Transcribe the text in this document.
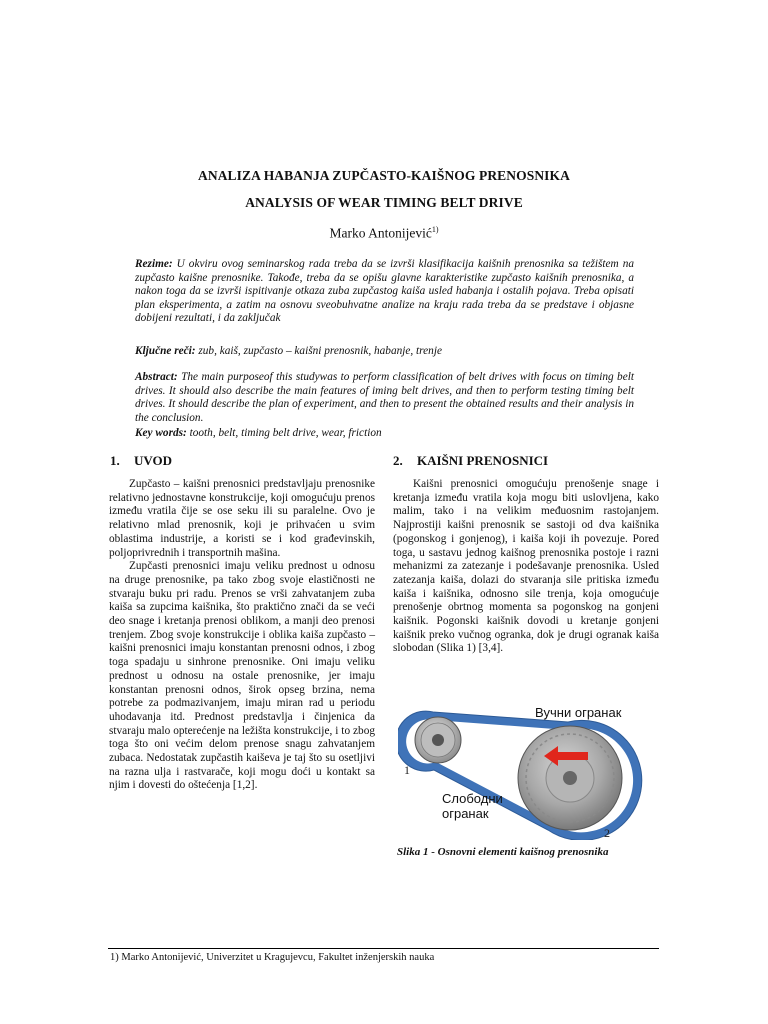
ANALIZA HABANJA ZUPČASTO-KAIŠNOG PRENOSNIKA
ANALYSIS OF WEAR TIMING BELT DRIVE
Marko Antonijević$^{1)}$
Rezime: U okviru ovog seminarskog rada treba da se izvrši klasifikacija kaišnih prenosnika sa težištem na zupčasto kaišne prenosnike. Takođe, treba da se opišu glavne karakteristike zupčasto kaišnih prenosnika, a nakon toga da se izvrši ispitivanje otkaza zuba zupčastog kaiša usled habanja i ostalih pojava. Treba opisati plan eksperimenta, a zatim na osnovu sveobuhvatne analize na kraju rada treba da se predstave i objasne dobijeni rezultati, i da zaključak
Ključne reči: zub, kaiš, zupčasto – kaišni prenosnik, habanje, trenje
Abstract: The main purposeof this studywas to perform classification of belt drives with focus on timing belt drives. It should also describe the main features of iming belt drives, and then to perform testing timing belt drives. It should describe the plan of experiment, and then to present the obtained results and their analysis in the conclusion.
Key words: tooth, belt, timing belt drive, wear, friction
1. UVOD

Zupčasto – kaišni prenosnici predstavljaju prenosnike relativno jednostavne konstrukcije, koji omogućuju prenos između vratila čije se ose seku ili su paralelne. Ovo je relativno mlad prenosnik, koji je prihvaćen u svim oblastima industrije, a koristi se i kod građevinskih, poljoprivrednih i transportnih mašina.

Zupčasti prenosnici imaju veliku prednost u odnosu na druge prenosnike, pa tako zbog svoje elastičnosti ne stvaraju buku pri radu. Prenos se vrši zahvatanjem zuba kaiša sa zupcima kaišnika, što praktično znači da se veći deo snage i kretanja prenosi oblikom, a manji deo prenosi trenjem. Zbog svoje konstrukcije i oblika kaiša zupčasto – kaišni prenosnici imaju konstantan prenosni odnos, i zbog toga spadaju u sinhrone prenosnike. Oni imaju veliku prednost u odnosu na ostale prenosnike, jer imaju konstantan prenosni odnos, širok opseg brzina, nema potrebe za podmazivanjem, imaju miran rad u periodu uhodavanja itd. Prednost predstavlja i činjenica da stvaraju malo opterećenje na ležišta konstrukcije, i to zbog toga što oni većim delom prenose snagu zahvatanjem zubaca. Nedostatak zupčastih kaiševa je taj što su osetljivi na razna ulja i rastvarače, koji mogu doći u kontakt sa njim i dovesti do oštećenja [1,2].

2. KAIŠNI PRENOSNICI

Kaišni prenosnici omogućuju prenošenje snage i kretanja između vratila koja mogu biti uslovljena, kako malim, tako i na velikim međuosnim rastojanjem. Najprostiji kaišni prenosnik se sastoji od dva kaišnika (pogonskog i gonjenog), i kaiša koji ih povezuje. Pored toga, u sastavu jednog kaišnog prenosnika postoje i razni mehanizmi za zatezanje i podešavanje prenosnika. Usled zatezanja kaiša, dolazi do stvaranja sile pritiska između kaiša i kaišnika, odnosno sile trenja, koja omogućuje prenošenje obrtnog momenta sa pogonskog na gonjeni kaišnik. Pogonski kaišnik dovodi u kretanje gonjeni kaišnik preko vučnog ogranka, dok je drugi ogranak kaiša slobodan (Slika 1) [3,4].

Вучни огранак
Слободни
огранак
1
2
Slika 1 - Osnovni elementi kaišnog prenosnika
1) Marko Antonijević, Univerzitet u Kragujevcu, Fakultet inženjerskih nauka
